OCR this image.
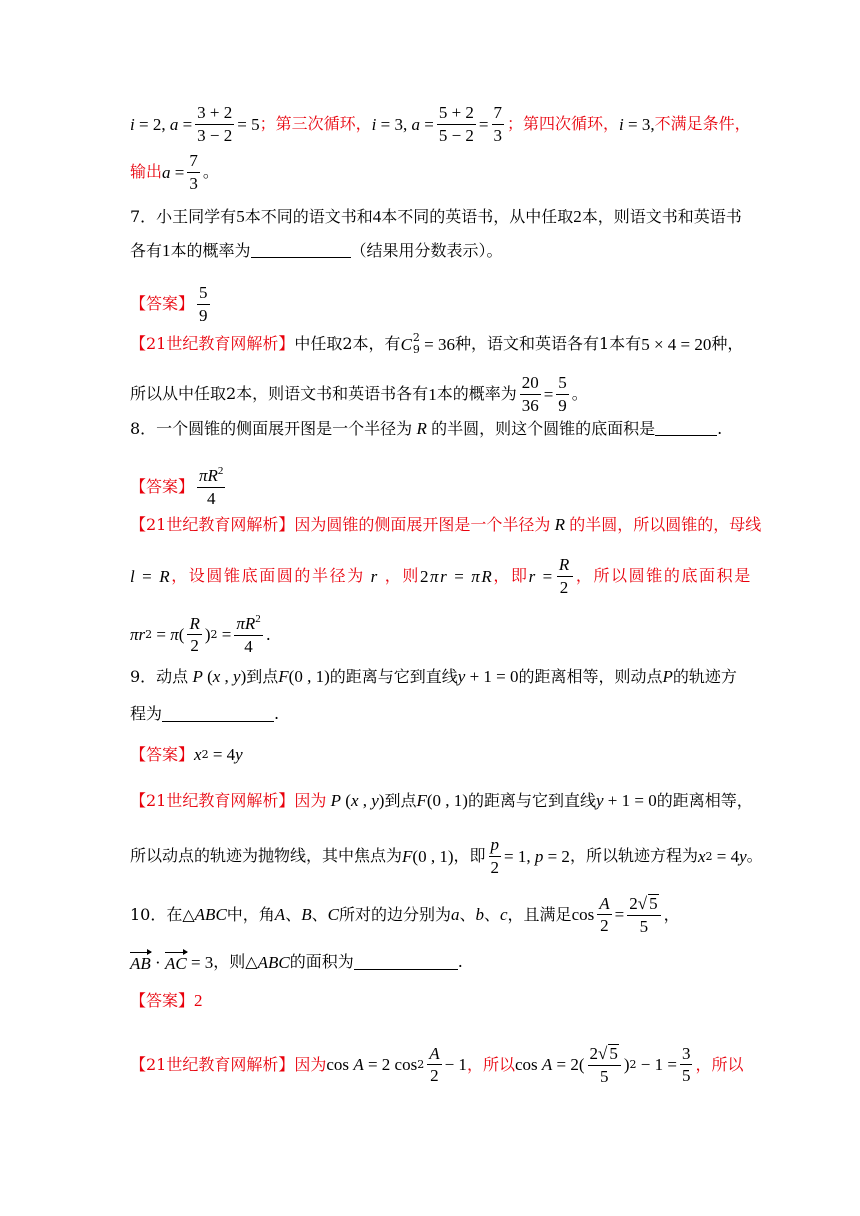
i = 2, $a = \frac{3 + 2}{3 - 2} = 5$ ； 第三次循环， i = 3, $a = \frac{5 + 2}{5 - 2} = \frac{7}{3}$ ； 第四次循环， i = 3, 不满足条件，
输出 $a = \frac{7}{3}$ 。
7．小王同学有 5 本不同的语文书和 4 本不同的英语书，从中任取 2 本，则语文书和英语书
各有 1 本的概率为	（结果用分数表示）。
【答案】 $\frac{5}{9}$
【21世纪教育网解析】 中任取2本，有 C 2
9 = 36 种，语文和英语各有1本有 5 × 4 = 20 种，
所以从中任取2本，则语文书和英语书各有 1 本的概率为 $\frac{20}{36} = \frac{5}{9}$ 。
8．一个圆锥的侧面展开图是一个半径为 R 的半圆，则这个圆锥的底面积是	.
【答案】 $\frac{\pi R^2}{4}$
【21世纪教育网解析】 因为圆锥的侧面展开图是一个半径为 R 的半圆，所以圆锥的，母线
l = R ，设圆锥底面圆的半径为 r ，则 2 πr = πR ，即 $r = \frac{R}{2}$ ，所以圆锥的底面积是
πr 2 = π ( $\frac{R}{2}$ ) $2 = \frac{\pi R^2}{4}$ .
9．动点 P ( x , y ) 到点 F (0 , 1) 的距离与它到直线 y + 1 = 0 的距离相等，则动点 P 的轨迹方
程为	.
【答案】 x 2 = 4 y
【21世纪教育网解析】 因为 P ( x , y ) 到点 F (0 , 1) 的距离与它到直线 y + 1 = 0 的距离相等，
所以动点的轨迹为抛物线，其中焦点为 F (0 , 1) ，即 $\frac{p}{2} = 1$, p = 2 ，所以轨迹方程为 x 2 = 4 y 。
10．在△ ABC 中，角 A 、 B 、 C 所对的边分别为 a 、 b 、 c ，且满足 $\cos \frac{A}{2} = \frac{2√ 5}{5}$ ，
AB · AC = 3 ，则△ ABC 的面积为	.
【答案】 2
【21世纪教育网解析】 因为 cos A = 2 $\cos 2 \frac{A}{2} - 1$ ，所以 $\cos A = 2( \frac{2√ 5}{5}$ ) $2 - 1 = \frac{3}{5}$ ，所以
